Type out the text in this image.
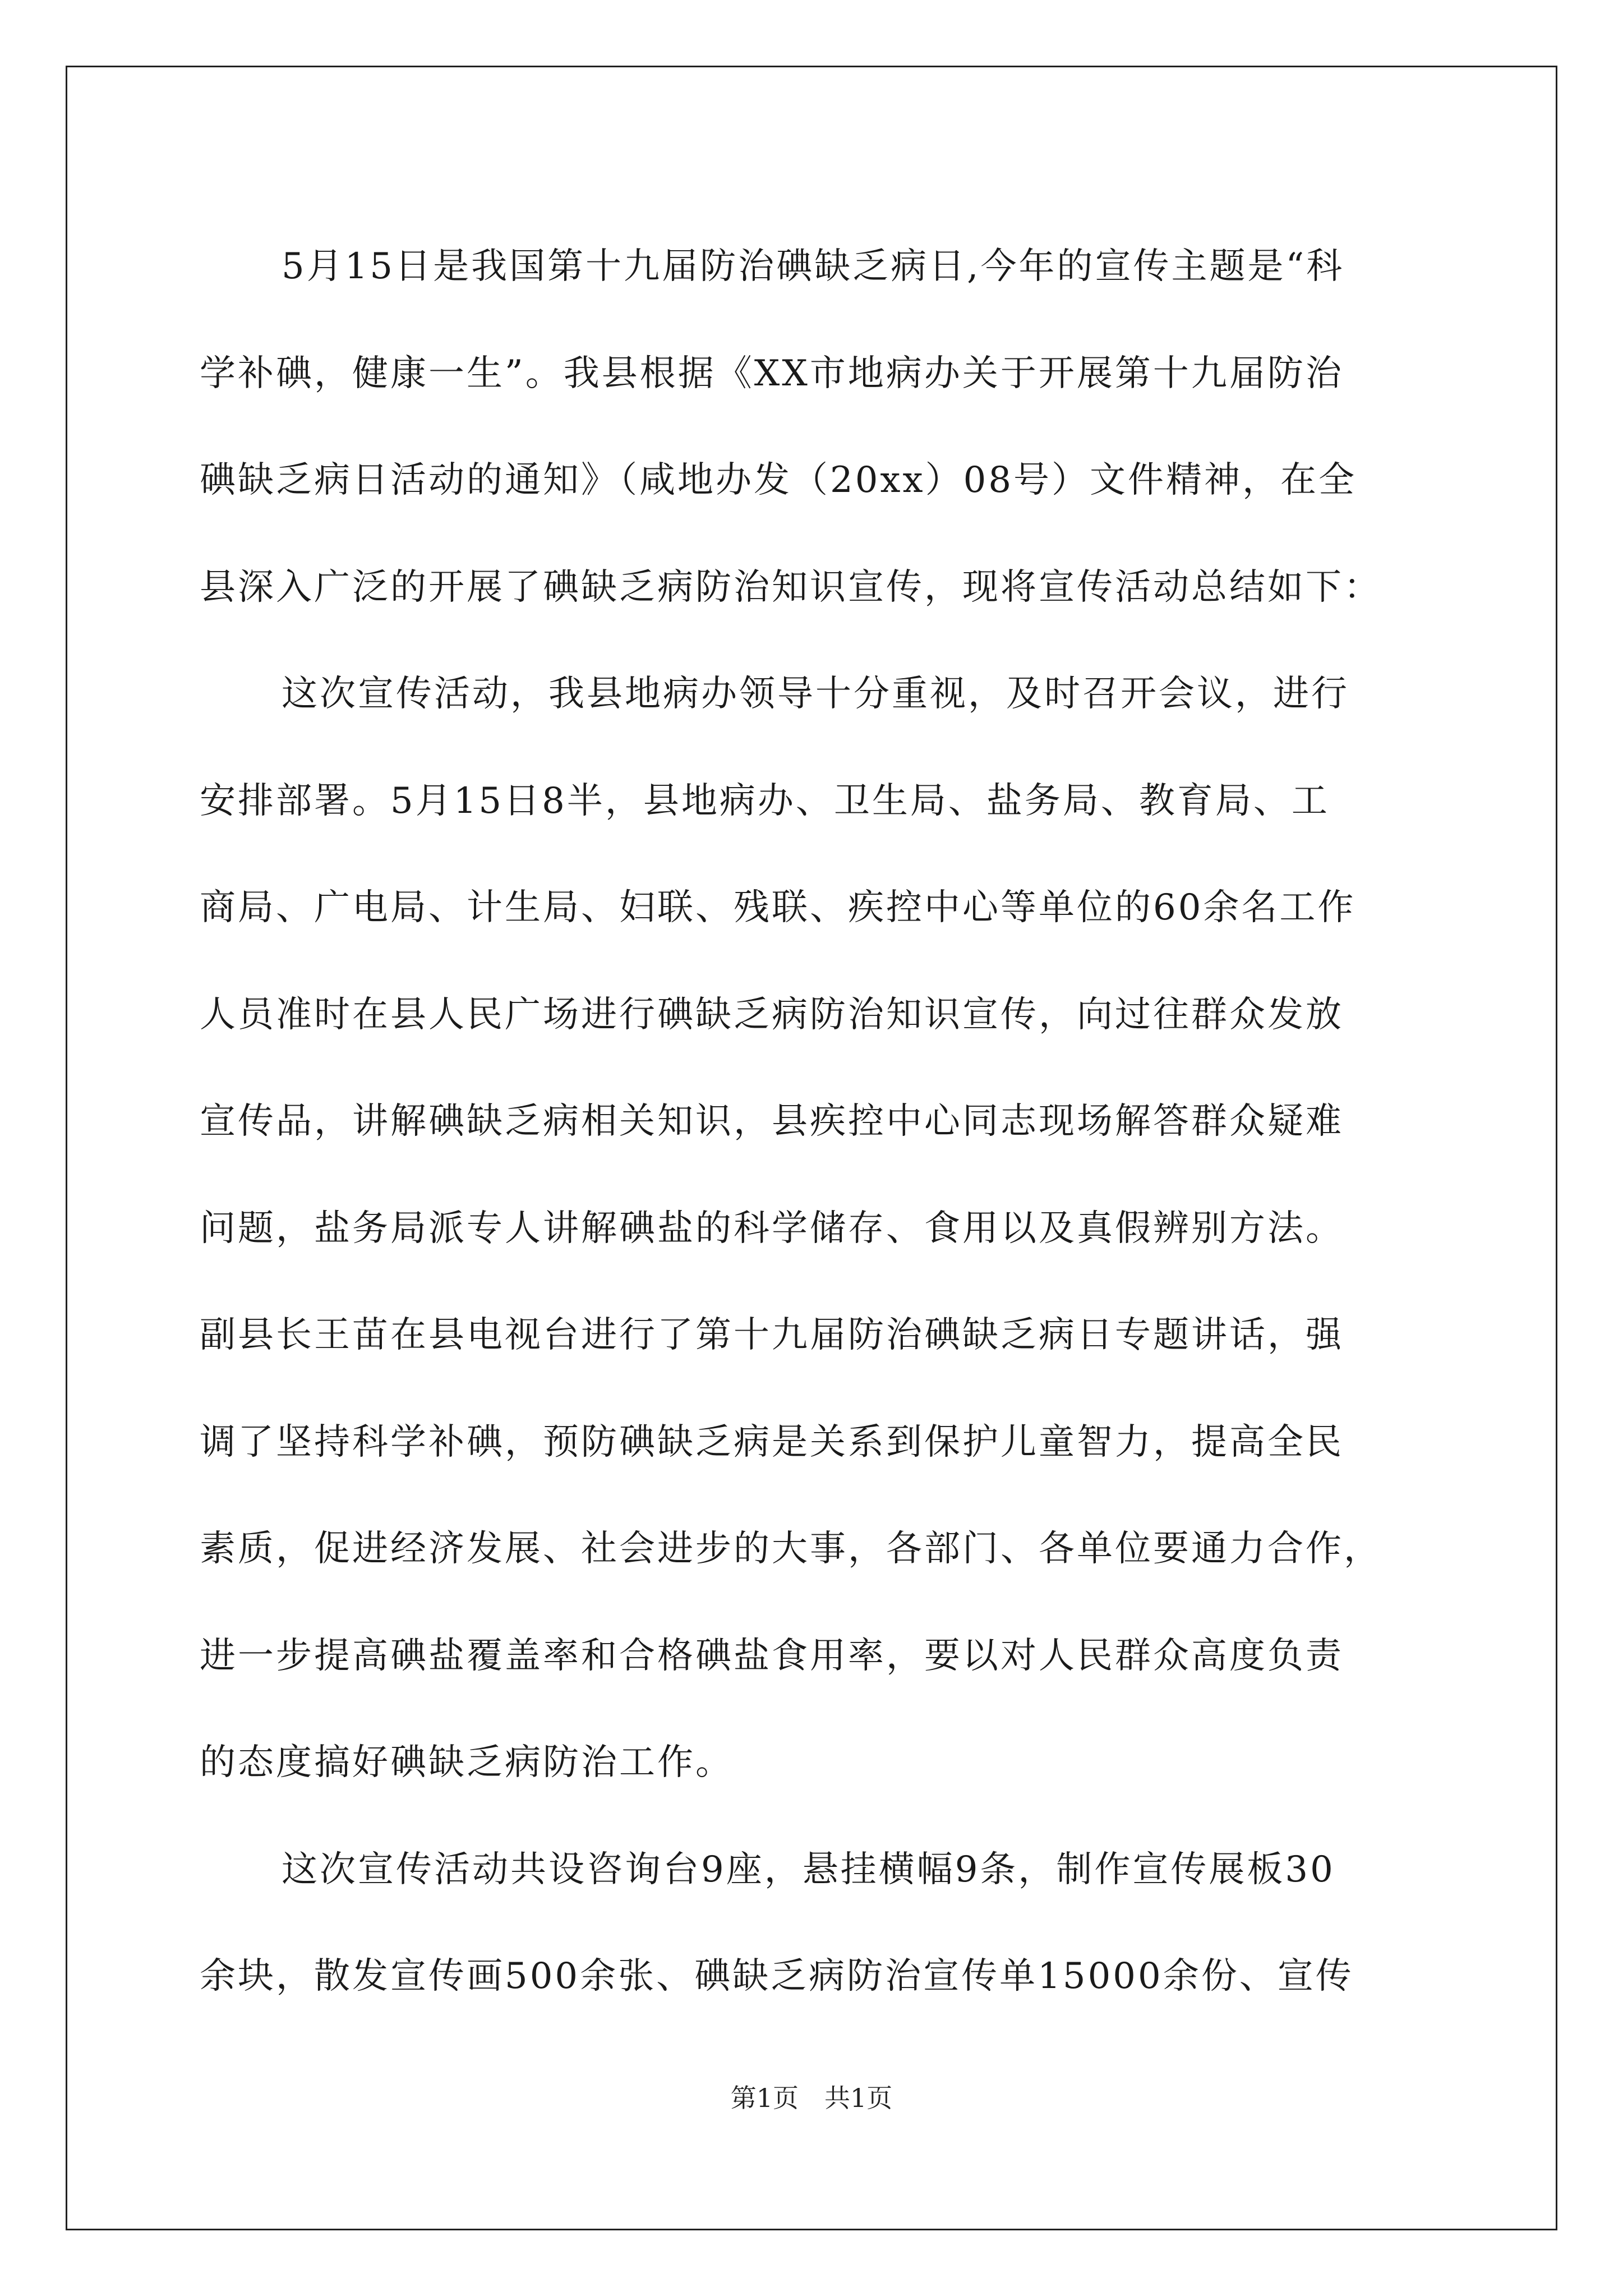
5月15日是我国第十九届防治碘缺乏病日,今年的宣传主题是“科
学补碘，健康一生”。我县根据《XX市地病办关于开展第十九届防治
碘缺乏病日活动的通知》（咸地办发（20xx）08号）文件精神，在全
县深入广泛的开展了碘缺乏病防治知识宣传，现将宣传活动总结如下：

这次宣传活动，我县地病办领导十分重视，及时召开会议，进行
安排部署。5月15日8半，县地病办、卫生局、盐务局、教育局、工
商局、广电局、计生局、妇联、残联、疾控中心等单位的60余名工作
人员准时在县人民广场进行碘缺乏病防治知识宣传，向过往群众发放
宣传品，讲解碘缺乏病相关知识，县疾控中心同志现场解答群众疑难
问题，盐务局派专人讲解碘盐的科学储存、食用以及真假辨别方法。
副县长王苗在县电视台进行了第十九届防治碘缺乏病日专题讲话，强
调了坚持科学补碘，预防碘缺乏病是关系到保护儿童智力，提高全民
素质，促进经济发展、社会进步的大事，各部门、各单位要通力合作，
进一步提高碘盐覆盖率和合格碘盐食用率，要以对人民群众高度负责
的态度搞好碘缺乏病防治工作。

这次宣传活动共设咨询台9座，悬挂横幅9条，制作宣传展板30
余块，散发宣传画500余张、碘缺乏病防治宣传单15000余份、宣传

第1页　共1页
